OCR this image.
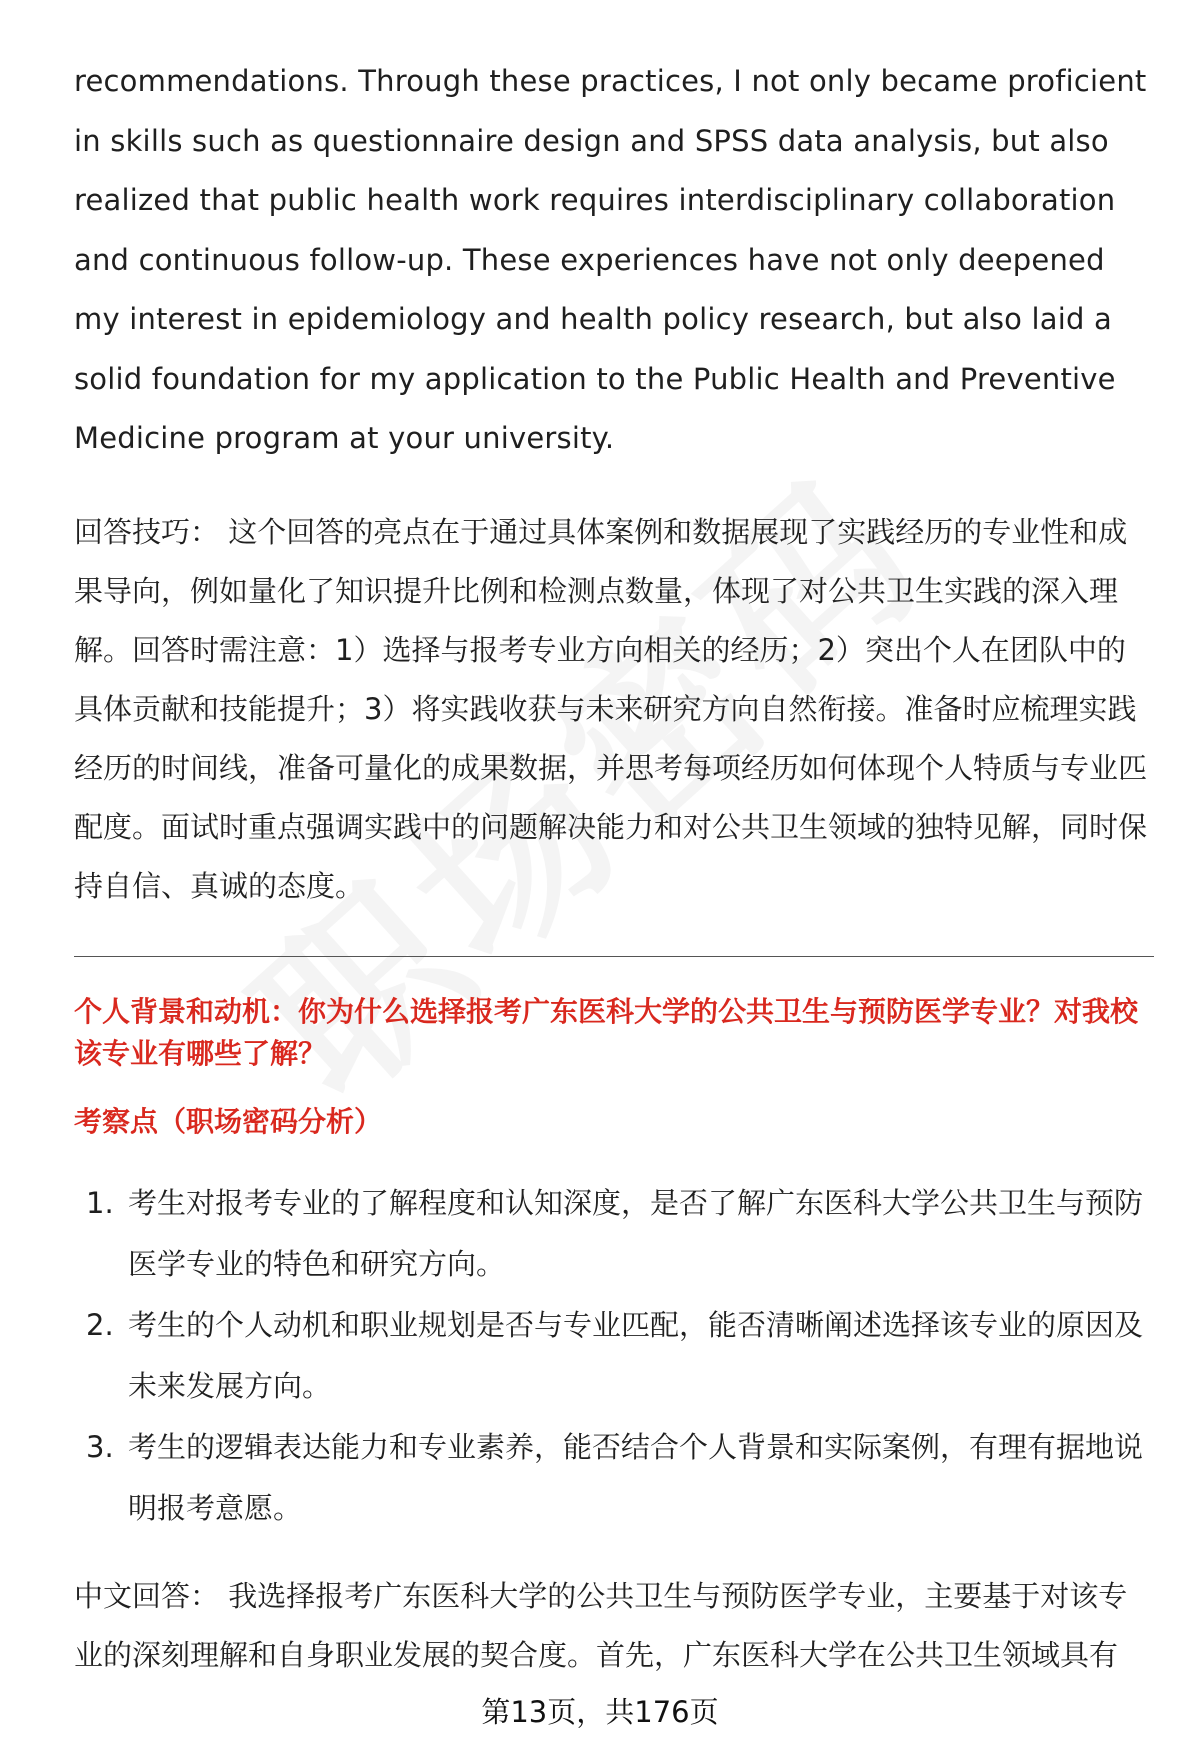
recommendations. Through these practices, I not only became proficient in skills such as questionnaire design and SPSS data analysis, but also realized that public health work requires interdisciplinary collaboration and continuous follow-up. These experiences have not only deepened my interest in epidemiology and health policy research, but also laid a solid foundation for my application to the Public Health and Preventive Medicine program at your university.

回答技巧： 这个回答的亮点在于通过具体案例和数据展现了实践经历的专业性和成果导向，例如量化了知识提升比例和检测点数量，体现了对公共卫生实践的深入理解。回答时需注意：1）选择与报考专业方向相关的经历；2）突出个人在团队中的具体贡献和技能提升；3）将实践收获与未来研究方向自然衔接。准备时应梳理实践经历的时间线，准备可量化的成果数据，并思考每项经历如何体现个人特质与专业匹配度。面试时重点强调实践中的问题解决能力和对公共卫生领域的独特见解，同时保持自信、真诚的态度。

个人背景和动机：你为什么选择报考广东医科大学的公共卫生与预防医学专业？对我校该专业有哪些了解？

考察点（职场密码分析）

1. 考生对报考专业的了解程度和认知深度，是否了解广东医科大学公共卫生与预防医学专业的特色和研究方向。
2. 考生的个人动机和职业规划是否与专业匹配，能否清晰阐述选择该专业的原因及未来发展方向。
3. 考生的逻辑表达能力和专业素养，能否结合个人背景和实际案例，有理有据地说明报考意愿。

中文回答： 我选择报考广东医科大学的公共卫生与预防医学专业，主要基于对该专业的深刻理解和自身职业发展的契合度。首先，广东医科大学在公共卫生领域具有

第13页，共176页
